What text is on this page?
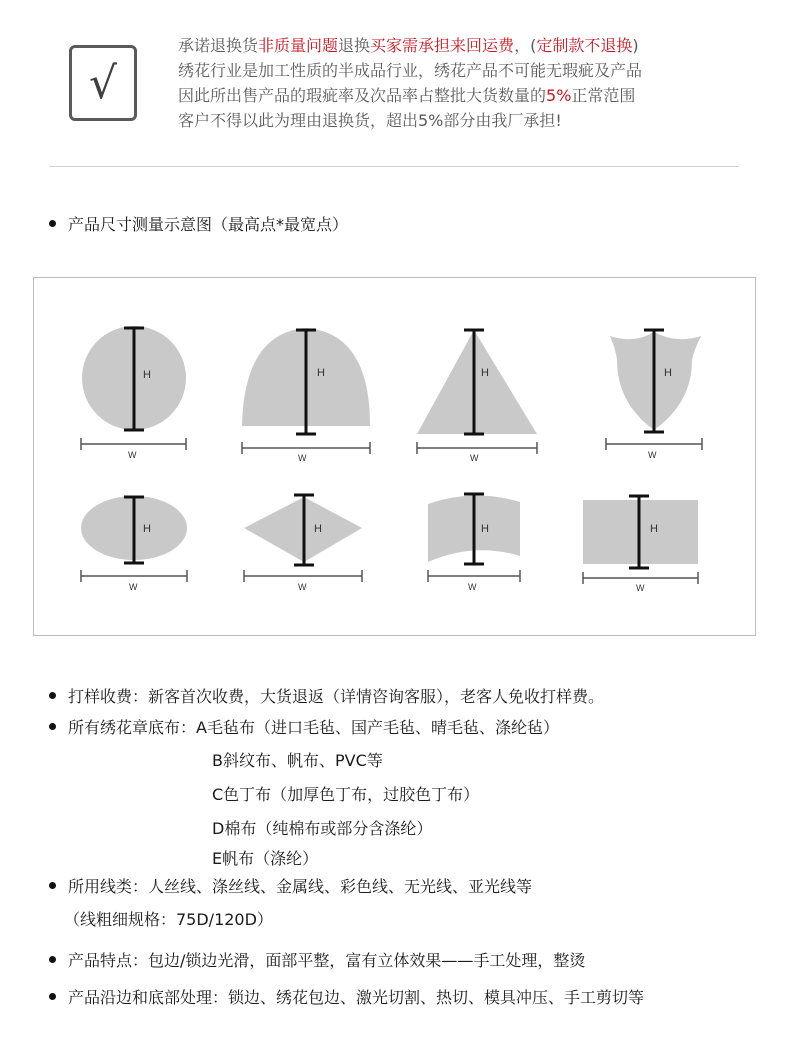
√
承诺退换货非质量问题退换买家需承担来回运费，(定制款不退换)
绣花行业是加工性质的半成品行业，绣花产品不可能无瑕疵及产品
因此所出售产品的瑕疵率及次品率占整批大货数量的5%正常范围
客户不得以此为理由退换货，超出5%部分由我厂承担!
产品尺寸测量示意图（最高点*最宽点）
H	H	H	H
H	H	H	H
W	W	W	W
W	W	W	W
打样收费：新客首次收费，大货退返（详情咨询客服），老客人免收打样费。
所有绣花章底布：A毛毡布（进口毛毡、国产毛毡、晴毛毡、涤纶毡）
B斜纹布、帆布、PVC等
C色丁布（加厚色丁布，过胶色丁布）
D棉布（纯棉布或部分含涤纶）
E帆布（涤纶）
所用线类：人丝线、涤丝线、金属线、彩色线、无光线、亚光线等
（线粗细规格：75D/120D）
产品特点：包边/锁边光滑，面部平整，富有立体效果——手工处理，整烫
产品沿边和底部处理：锁边、绣花包边、激光切割、热切、模具冲压、手工剪切等
